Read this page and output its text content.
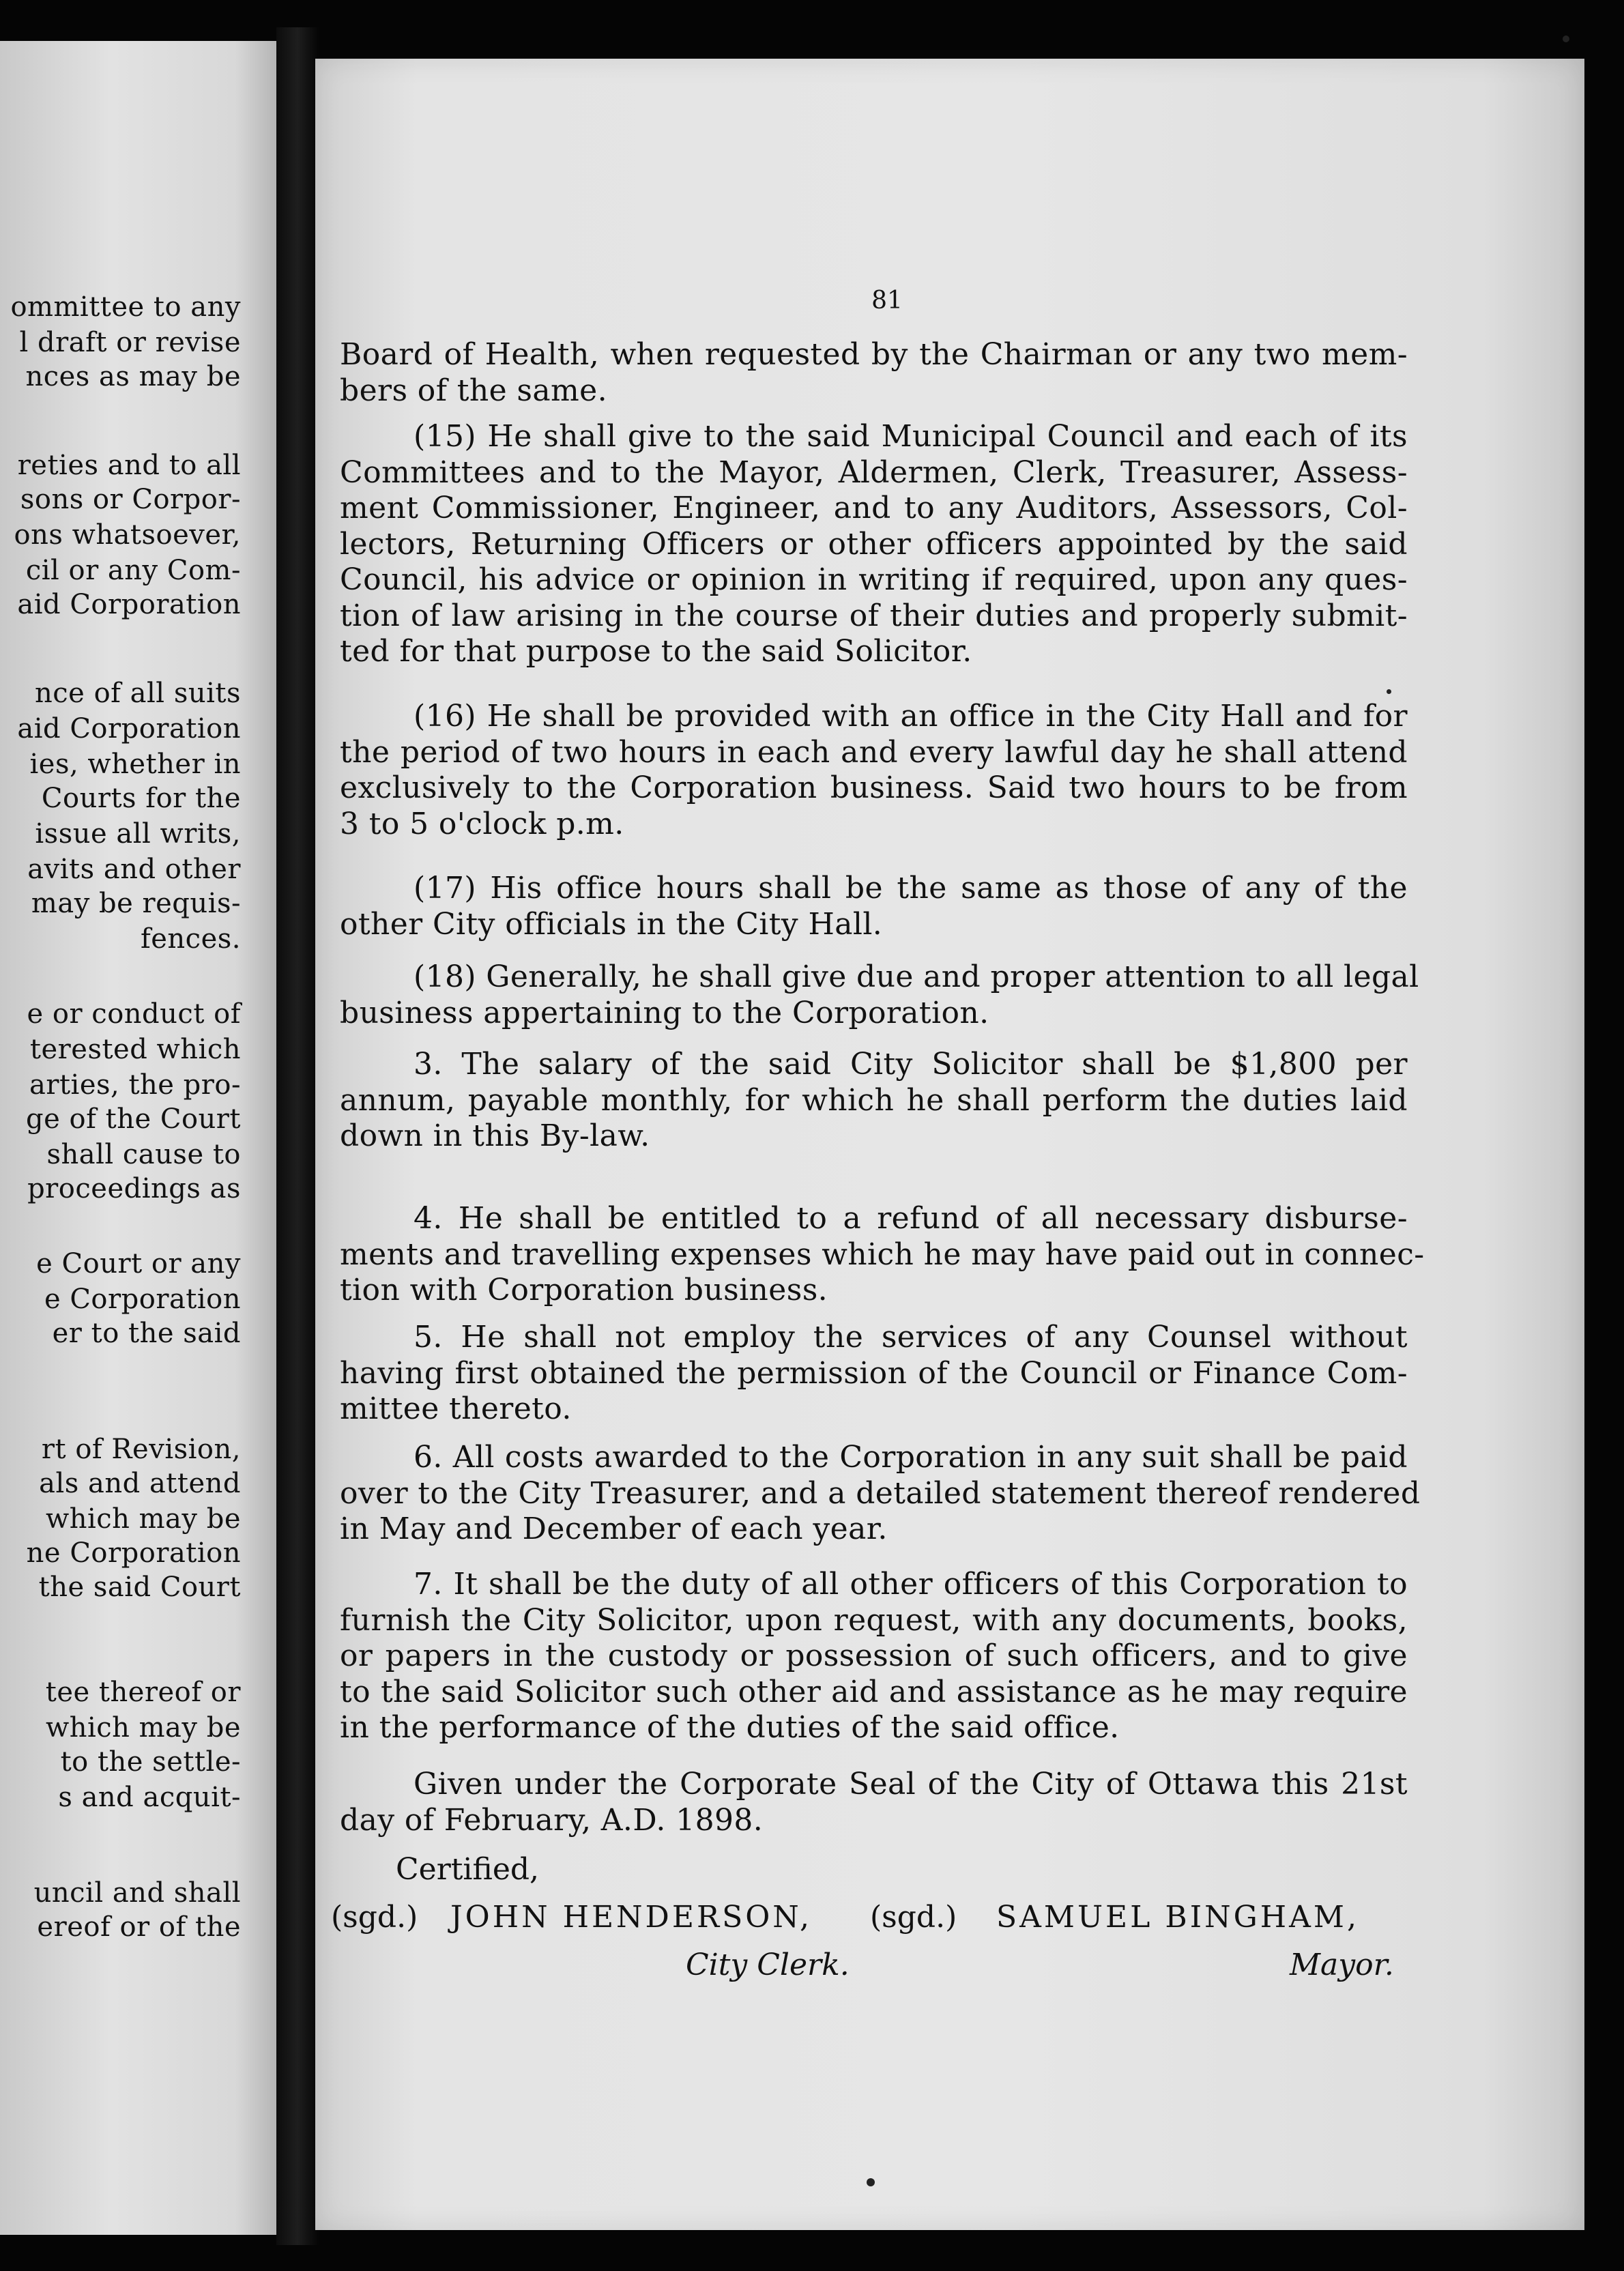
ommittee to any
l draft or revise
nces as may be
reties and to all
sons or Corpor-
ons whatsoever,
cil or any Com-
aid Corporation
nce of all suits
aid Corporation
ies, whether in
Courts for the
issue all writs,
avits and other
may be requis-
fences.
e or conduct of
terested which
arties, the pro-
ge of the Court
shall cause to
proceedings as
e Court or any
e Corporation
er to the said
rt of Revision,
als and attend
which may be
ne Corporation
the said Court
tee thereof or
which may be
to the settle-
s and acquit-
uncil and shall
ereof or of the
81
Board of Health, when requested by the Chairman or any two mem-
bers of the same.
(15) He shall give to the said Municipal Council and each of its
Committees and to the Mayor, Aldermen, Clerk, Treasurer, Assess-
ment Commissioner, Engineer, and to any Auditors, Assessors, Col-
lectors, Returning Officers or other officers appointed by the said
Council, his advice or opinion in writing if required, upon any ques-
tion of law arising in the course of their duties and properly submit-
ted for that purpose to the said Solicitor.
(16) He shall be provided with an office in the City Hall and for
the period of two hours in each and every lawful day he shall attend
exclusively to the Corporation business. Said two hours to be from
3 to 5 o'clock p.m.
(17) His office hours shall be the same as those of any of the
other City officials in the City Hall.
(18) Generally, he shall give due and proper attention to all legal
business appertaining to the Corporation.
3. The salary of the said City Solicitor shall be $1,800 per
annum, payable monthly, for which he shall perform the duties laid
down in this By-law.
4. He shall be entitled to a refund of all necessary disburse-
ments and travelling expenses which he may have paid out in connec-
tion with Corporation business.
5. He shall not employ the services of any Counsel without
having first obtained the permission of the Council or Finance Com-
mittee thereto.
6. All costs awarded to the Corporation in any suit shall be paid
over to the City Treasurer, and a detailed statement thereof rendered
in May and December of each year.
7. It shall be the duty of all other officers of this Corporation to
furnish the City Solicitor, upon request, with any documents, books,
or papers in the custody or possession of such officers, and to give
to the said Solicitor such other aid and assistance as he may require
in the performance of the duties of the said office.
Given under the Corporate Seal of the City of Ottawa this 21st
day of February, A.D. 1898.
Certified,
(sgd.) JOHN HENDERSON,
City Clerk.
(sgd.) SAMUEL BINGHAM,
Mayor.
